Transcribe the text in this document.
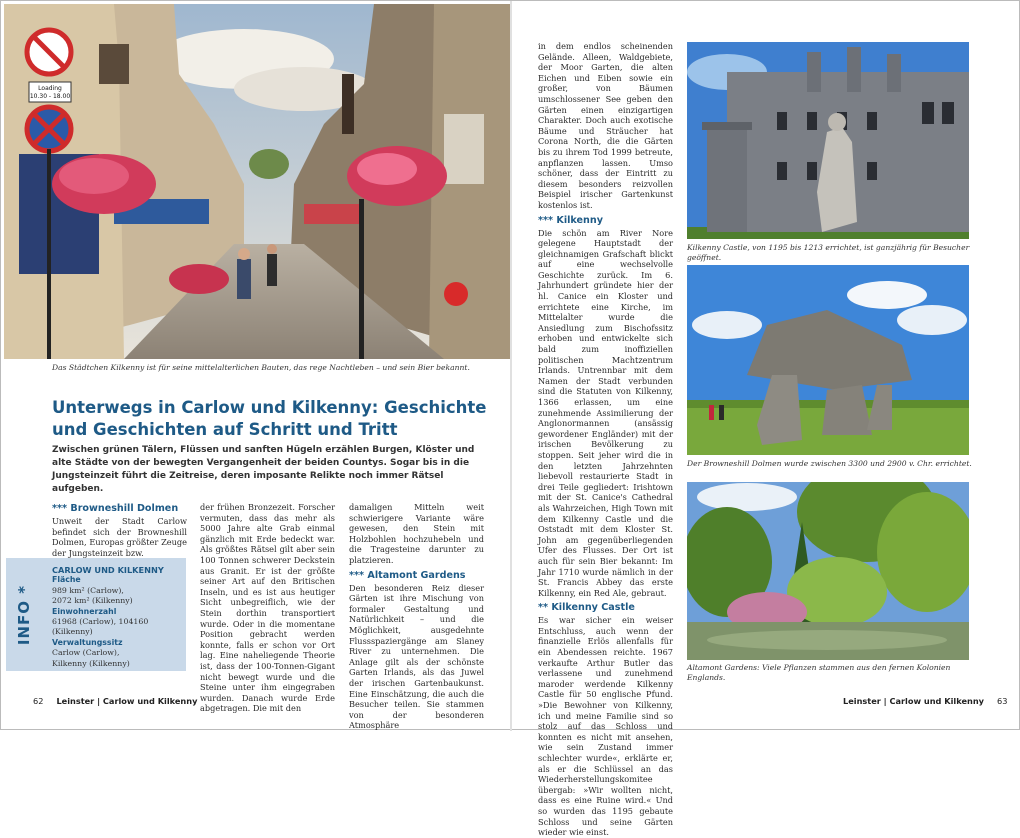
Loading
10.30 - 18.00
Das Städtchen Kilkenny ist für seine mittelalterlichen Bauten, das rege Nachtleben – und sein Bier bekannt.
Unterwegs in Carlow und Kilkenny: Geschichte
und Geschichten auf Schritt und Tritt
Zwischen grünen Tälern, Flüssen und sanften Hügeln erzählen Burgen, Klöster und alte Städte von der bewegten Vergangenheit der beiden Countys. Sogar bis in die Jungsteinzeit führt die Zeitreise, deren imposante Relikte noch immer Rätsel aufgeben.
*** Browneshill Dolmen

Unweit der Stadt Carlow befindet sich der Browneshill Dolmen, Europas größter Zeuge der Jungsteinzeit bzw.

INFO *
CARLOW UND KILKENNY
Fläche
989 km² (Carlow),
2072 km² (Kilkenny)
Einwohnerzahl
61968 (Carlow), 104160 (Kilkenny)
Verwaltungssitz
Carlow (Carlow),
Kilkenny (Kilkenny)

der frühen Bronzezeit. Forscher vermuten, dass das mehr als 5000 Jahre alte Grab einmal gänzlich mit Erde bedeckt war. Als größtes Rätsel gilt aber sein 100 Tonnen schwerer Deckstein aus Granit. Er ist der größte seiner Art auf den Britischen Inseln, und es ist aus heutiger Sicht unbegreiflich, wie der Stein dorthin transportiert wurde. Oder in die momentane Position gebracht werden konnte, falls er schon vor Ort lag. Eine naheliegende Theorie ist, dass der 100-Tonnen-Gigant nicht bewegt wurde und die Steine unter ihm eingegraben wurden. Danach wurde Erde abgetragen. Die mit den

damaligen Mitteln weit schwierigere Variante wäre gewesen, den Stein mit Holzbohlen hochzuhebeln und die Tragesteine darunter zu platzieren.

*** Altamont Gardens

Den besonderen Reiz dieser Gärten ist ihre Mischung von formaler Gestaltung und Natürlichkeit – und die Möglichkeit, ausgedehnte Flussspaziergänge am Slaney River zu unternehmen. Die Anlage gilt als der schönste Garten Irlands, als das Juwel der irischen Gartenbaukunst. Eine Einschätzung, die auch die Besucher teilen. Sie stammen von der besonderen Atmosphäre

62 Leinster | Carlow und Kilkenny

in dem endlos scheinenden Gelände. Alleen, Waldgebiete, der Moor Garten, die alten Eichen und Eiben sowie ein großer, von Bäumen umschlossener See geben den Gärten einen einzigartigen Charakter. Doch auch exotische Bäume und Sträucher hat Corona North, die die Gärten bis zu ihrem Tod 1999 betreute, anpflanzen lassen. Umso schöner, dass der Eintritt zu diesem besonders reizvollen Beispiel irischer Gartenkunst kostenlos ist.

*** Kilkenny

Die schön am River Nore gelegene Hauptstadt der gleichnamigen Grafschaft blickt auf eine wechselvolle Geschichte zurück. Im 6. Jahrhundert gründete hier der hl. Canice ein Kloster und errichtete eine Kirche, im Mittelalter wurde die Ansiedlung zum Bischofssitz erhoben und entwickelte sich bald zum inoffiziellen politischen Machtzentrum Irlands. Untrennbar mit dem Namen der Stadt verbunden sind die Statuten von Kilkenny, 1366 erlassen, um eine zunehmende Assimilierung der Anglonormannen (ansässig gewordener Engländer) mit der irischen Bevölkerung zu stoppen. Seit jeher wird die in den letzten Jahrzehnten liebevoll restaurierte Stadt in drei Teile gegliedert: Irishtown mit der St. Canice's Cathedral als Wahrzeichen, High Town mit dem Kilkenny Castle und die Oststadt mit dem Kloster St. John am gegenüberliegenden Ufer des Flusses. Der Ort ist auch für sein Bier bekannt: Im Jahr 1710 wurde nämlich in der St. Francis Abbey das erste Kilkenny, ein Red Ale, gebraut.

** Kilkenny Castle

Es war sicher ein weiser Entschluss, auch wenn der finanzielle Erlös allenfalls für ein Abendessen reichte. 1967 verkaufte Arthur Butler das verlassene und zunehmend maroder werdende Kilkenny Castle für 50 englische Pfund. »Die Bewohner von Kilkenny, ich und meine Familie sind so stolz auf das Schloss und konnten es nicht mit ansehen, wie sein Zustand immer schlechter wurde«, erklärte er, als er die Schlüssel an das Wiederherstellungskomitee übergab: »Wir wollten nicht, dass es eine Ruine wird.« Und so wurden das 1195 gebaute Schloss und seine Gärten wieder wie einst.

Kilkenny Castle, von 1195 bis 1213 errichtet, ist ganzjährig für Besucher geöffnet.
Der Browneshill Dolmen wurde zwischen 3300 und 2900 v. Chr. errichtet.
Altamont Gardens: Viele Pflanzen stammen aus den fernen Kolonien Englands.
Leinster | Carlow und Kilkenny 63
